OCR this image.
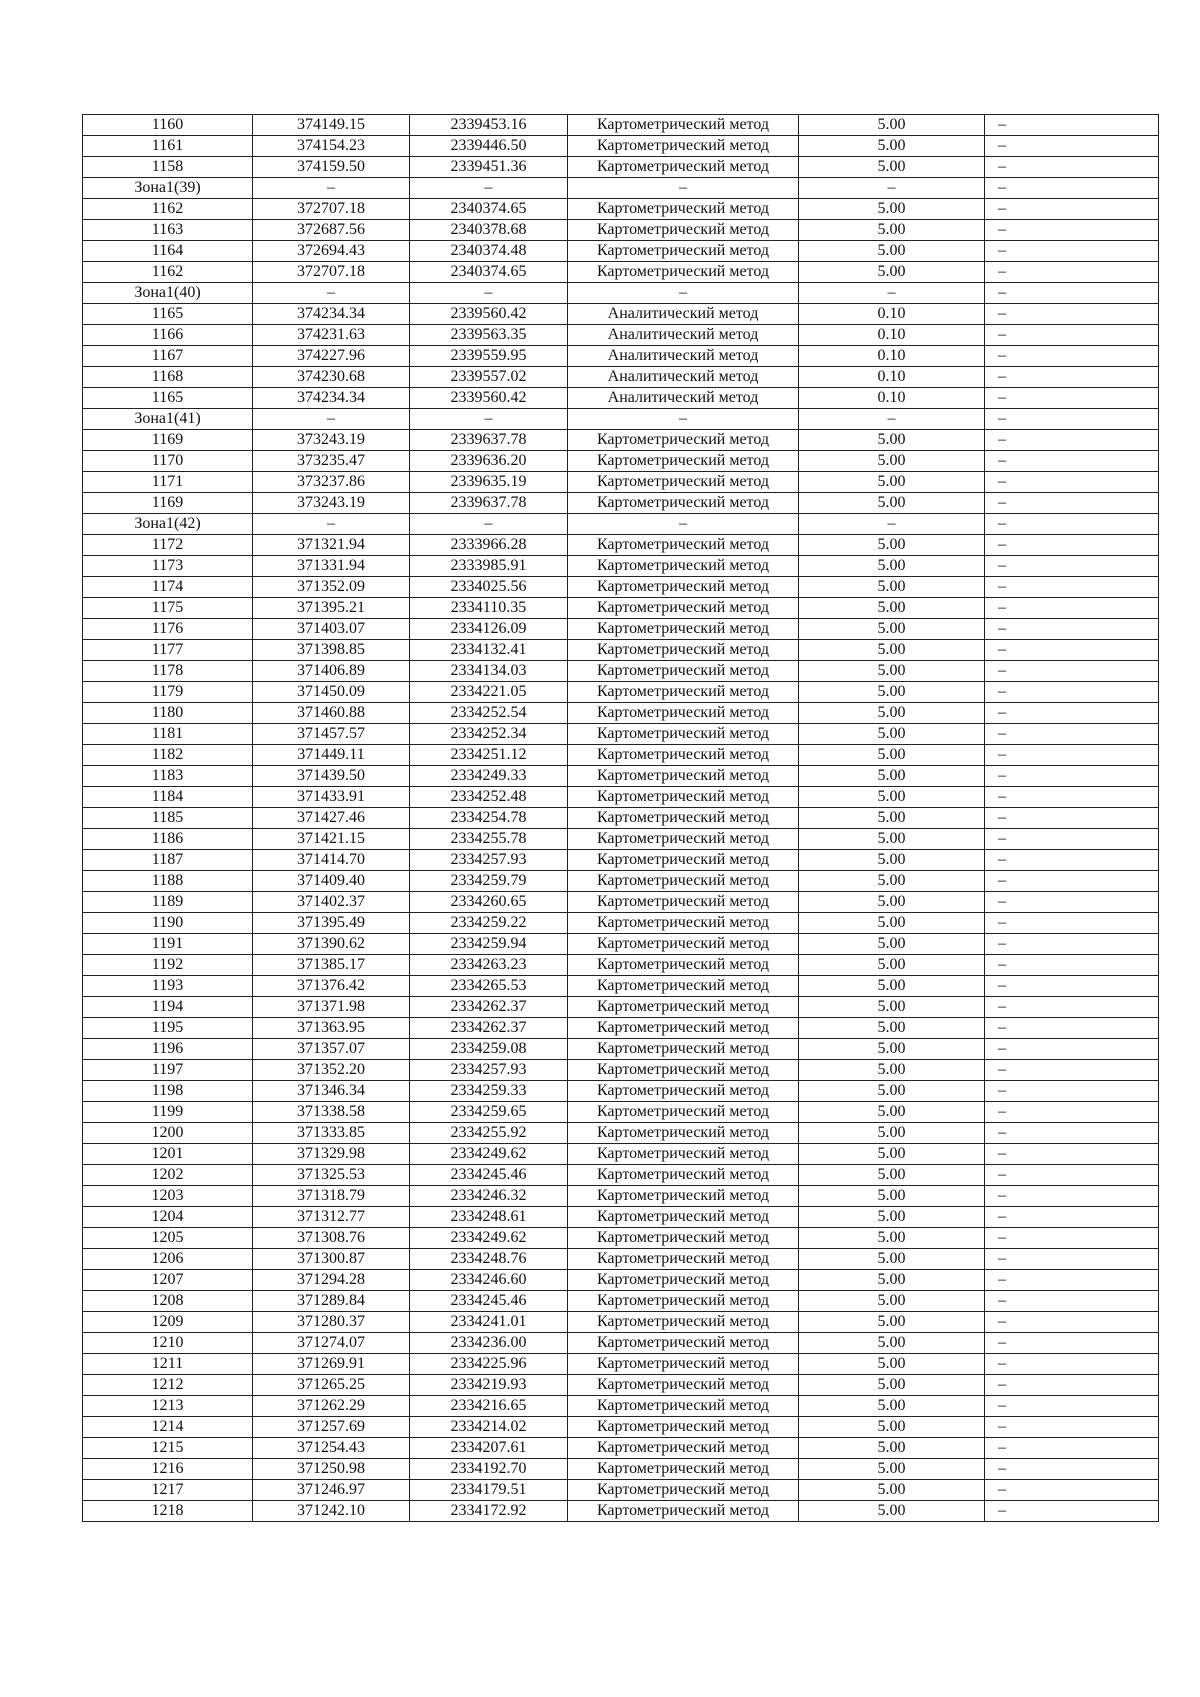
1160	374149.15	2339453.16	Картометрический метод	5.00	–
1161	374154.23	2339446.50	Картометрический метод	5.00	–
1158	374159.50	2339451.36	Картометрический метод	5.00	–
Зона1(39)	–	–	–	–	–
1162	372707.18	2340374.65	Картометрический метод	5.00	–
1163	372687.56	2340378.68	Картометрический метод	5.00	–
1164	372694.43	2340374.48	Картометрический метод	5.00	–
1162	372707.18	2340374.65	Картометрический метод	5.00	–
Зона1(40)	–	–	–	–	–
1165	374234.34	2339560.42	Аналитический метод	0.10	–
1166	374231.63	2339563.35	Аналитический метод	0.10	–
1167	374227.96	2339559.95	Аналитический метод	0.10	–
1168	374230.68	2339557.02	Аналитический метод	0.10	–
1165	374234.34	2339560.42	Аналитический метод	0.10	–
Зона1(41)	–	–	–	–	–
1169	373243.19	2339637.78	Картометрический метод	5.00	–
1170	373235.47	2339636.20	Картометрический метод	5.00	–
1171	373237.86	2339635.19	Картометрический метод	5.00	–
1169	373243.19	2339637.78	Картометрический метод	5.00	–
Зона1(42)	–	–	–	–	–
1172	371321.94	2333966.28	Картометрический метод	5.00	–
1173	371331.94	2333985.91	Картометрический метод	5.00	–
1174	371352.09	2334025.56	Картометрический метод	5.00	–
1175	371395.21	2334110.35	Картометрический метод	5.00	–
1176	371403.07	2334126.09	Картометрический метод	5.00	–
1177	371398.85	2334132.41	Картометрический метод	5.00	–
1178	371406.89	2334134.03	Картометрический метод	5.00	–
1179	371450.09	2334221.05	Картометрический метод	5.00	–
1180	371460.88	2334252.54	Картометрический метод	5.00	–
1181	371457.57	2334252.34	Картометрический метод	5.00	–
1182	371449.11	2334251.12	Картометрический метод	5.00	–
1183	371439.50	2334249.33	Картометрический метод	5.00	–
1184	371433.91	2334252.48	Картометрический метод	5.00	–
1185	371427.46	2334254.78	Картометрический метод	5.00	–
1186	371421.15	2334255.78	Картометрический метод	5.00	–
1187	371414.70	2334257.93	Картометрический метод	5.00	–
1188	371409.40	2334259.79	Картометрический метод	5.00	–
1189	371402.37	2334260.65	Картометрический метод	5.00	–
1190	371395.49	2334259.22	Картометрический метод	5.00	–
1191	371390.62	2334259.94	Картометрический метод	5.00	–
1192	371385.17	2334263.23	Картометрический метод	5.00	–
1193	371376.42	2334265.53	Картометрический метод	5.00	–
1194	371371.98	2334262.37	Картометрический метод	5.00	–
1195	371363.95	2334262.37	Картометрический метод	5.00	–
1196	371357.07	2334259.08	Картометрический метод	5.00	–
1197	371352.20	2334257.93	Картометрический метод	5.00	–
1198	371346.34	2334259.33	Картометрический метод	5.00	–
1199	371338.58	2334259.65	Картометрический метод	5.00	–
1200	371333.85	2334255.92	Картометрический метод	5.00	–
1201	371329.98	2334249.62	Картометрический метод	5.00	–
1202	371325.53	2334245.46	Картометрический метод	5.00	–
1203	371318.79	2334246.32	Картометрический метод	5.00	–
1204	371312.77	2334248.61	Картометрический метод	5.00	–
1205	371308.76	2334249.62	Картометрический метод	5.00	–
1206	371300.87	2334248.76	Картометрический метод	5.00	–
1207	371294.28	2334246.60	Картометрический метод	5.00	–
1208	371289.84	2334245.46	Картометрический метод	5.00	–
1209	371280.37	2334241.01	Картометрический метод	5.00	–
1210	371274.07	2334236.00	Картометрический метод	5.00	–
1211	371269.91	2334225.96	Картометрический метод	5.00	–
1212	371265.25	2334219.93	Картометрический метод	5.00	–
1213	371262.29	2334216.65	Картометрический метод	5.00	–
1214	371257.69	2334214.02	Картометрический метод	5.00	–
1215	371254.43	2334207.61	Картометрический метод	5.00	–
1216	371250.98	2334192.70	Картометрический метод	5.00	–
1217	371246.97	2334179.51	Картометрический метод	5.00	–
1218	371242.10	2334172.92	Картометрический метод	5.00	–
